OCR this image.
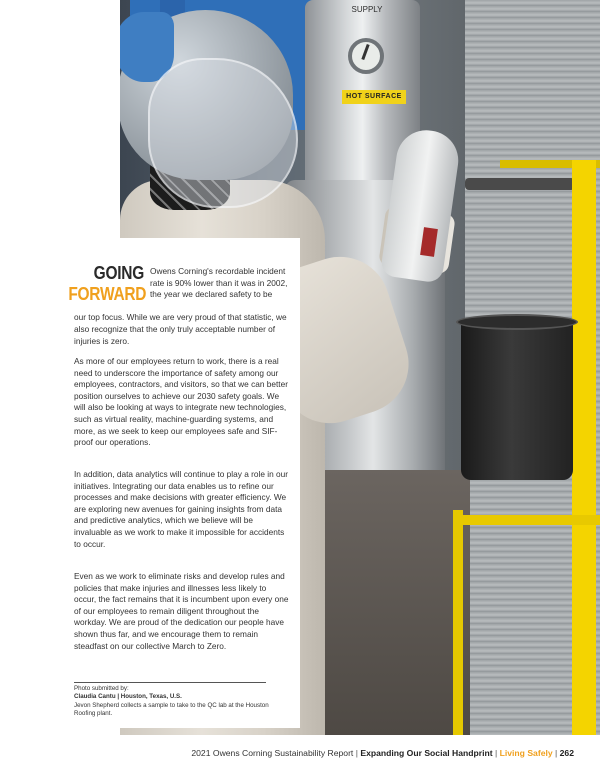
SUPPLY
HOT SURFACE
GOING
FORWARD
Owens Corning's recordable incident rate is 90% lower than it was in 2002, the year we declared safety to be
our top focus. While we are very proud of that statistic, we also recognize that the only truly acceptable number of injuries is zero.

As more of our employees return to work, there is a real need to underscore the importance of safety among our employees, contractors, and visitors, so that we can better position ourselves to achieve our 2030 safety goals. We will also be looking at ways to integrate new technologies, such as virtual reality, machine-guarding systems, and more, as we seek to keep our employees safe and SIF-proof our operations.

In addition, data analytics will continue to play a role in our initiatives. Integrating our data enables us to refine our processes and make decisions with greater efficiency. We are exploring new avenues for gaining insights from data and predictive analytics, which we believe will be invaluable as we work to make it impossible for accidents to occur.

Even as we work to eliminate risks and develop rules and policies that make injuries and illnesses less likely to occur, the fact remains that it is incumbent upon every one of our employees to remain diligent throughout the workday. We are proud of the dedication our people have shown thus far, and we encourage them to remain steadfast on our collective March to Zero.

Photo submitted by:
Claudia Cantu | Houston, Texas, U.S.
Jevon Shepherd collects a sample to take to the QC lab at the Houston Roofing plant.
2021 Owens Corning Sustainability Report | Expanding Our Social Handprint | Living Safely | 262
